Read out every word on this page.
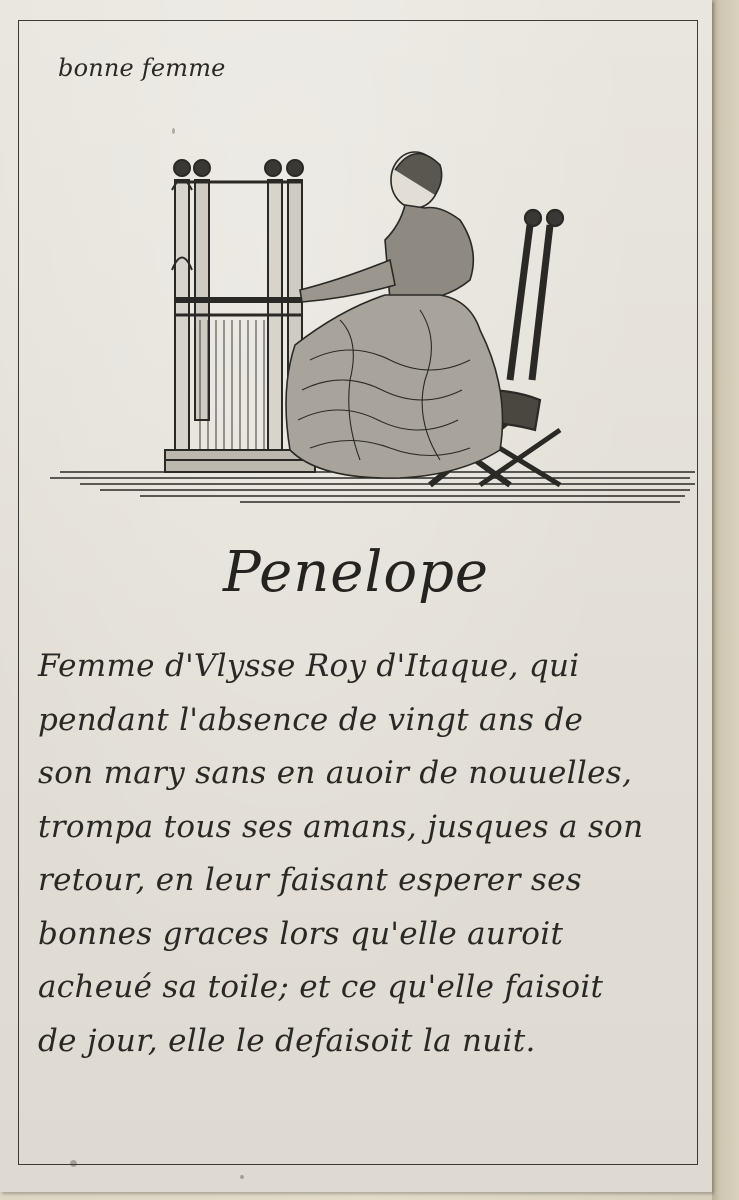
bonne femme
Penelope
Femme d'Vlysse Roy d'Itaque, qui
pendant l'absence de vingt ans de
son mary sans en auoir de nouuelles,
trompa tous ses amans, jusques a son
retour, en leur faisant esperer ses
bonnes graces lors qu'elle auroit
acheué sa toile; et ce qu'elle faisoit
de jour, elle le defaisoit la nuit.
